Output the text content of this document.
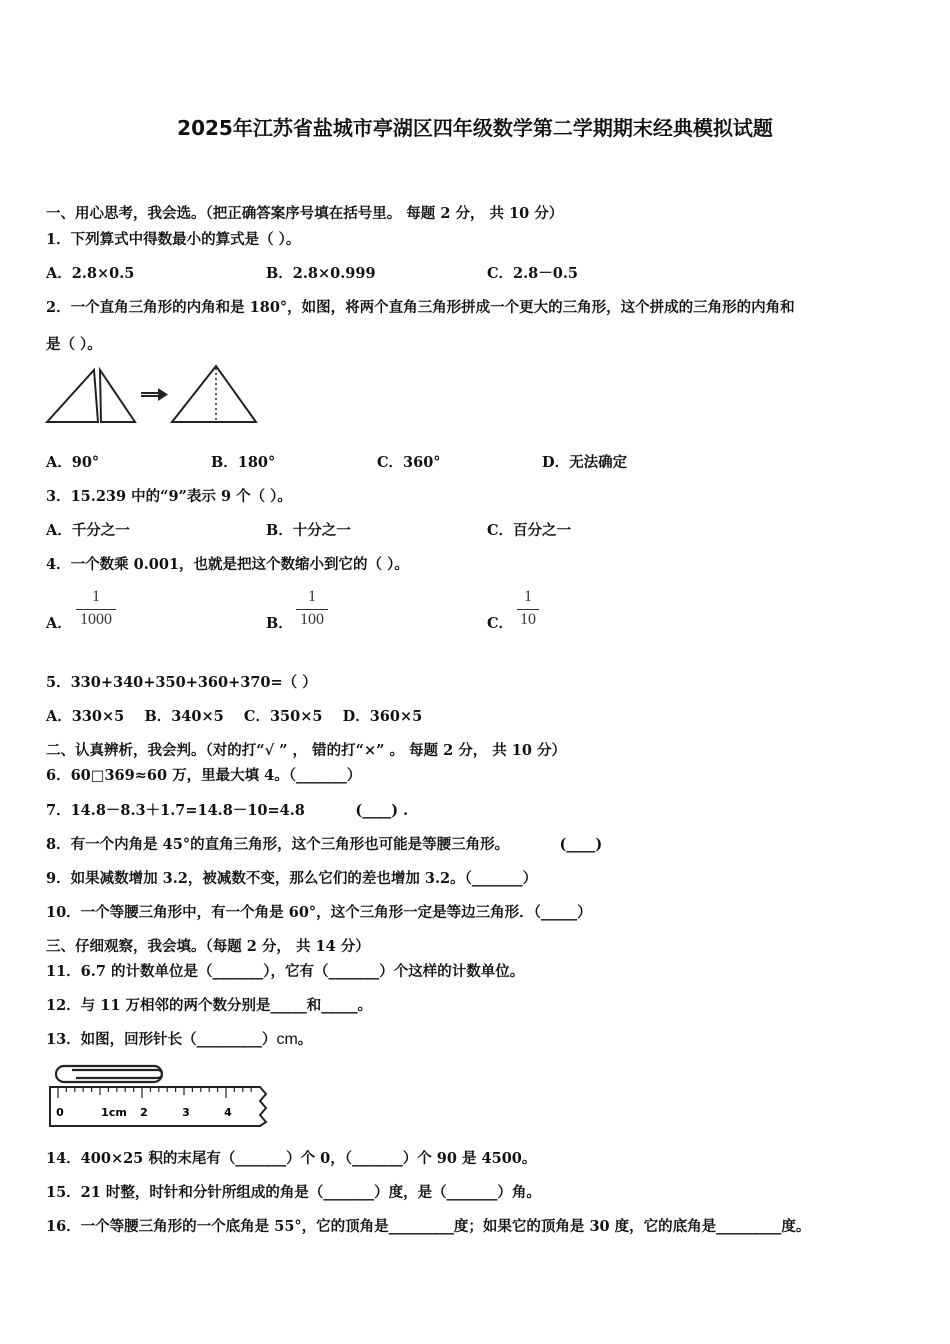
2025年江苏省盐城市亭湖区四年级数学第二学期期末经典模拟试题
一、用心思考，我会选。（把正确答案序号填在括号里。 每题 2 分， 共 10 分）
1．下列算式中得数最小的算式是（ ）。
A．2.8×0.5	B．2.8×0.999	C．2.8－0.5
2．一个直角三角形的内角和是 180°，如图，将两个直角三角形拼成一个更大的三角形，这个拼成的三角形的内角和
是（ ）。
A．90°	B．180°	C．360°	D．无法确定
3．15.239 中的“9”表示 9 个（ ）。
A．千分之一	B．十分之一	C．百分之一
4．一个数乘 0.001，也就是把这个数缩小到它的（ ）。
A．
1
1000	B．
1
100	C．
1
10
5．330+340+350+360+370=（ ）
A．330×5    B．340×5    C．350×5    D．360×5
二、认真辨析，我会判。（对的打“√ ” ， 错的打“×” 。 每题 2 分， 共 10 分）
6．60□369≈60 万，里最大填 4。（_______）
7．14.8－8.3＋1.7=14.8－10=4.8          (____) .
8．有一个内角是 45°的直角三角形，这个三角形也可能是等腰三角形。          (____)
9．如果减数增加 3.2，被减数不变，那么它们的差也增加 3.2。（_______）
10．一个等腰三角形中，有一个角是 60°，这个三角形一定是等边三角形．（_____）
三、仔细观察，我会填。（每题 2 分， 共 14 分）
11．6.7 的计数单位是（_______），它有（_______）个这样的计数单位。
12．与 11 万相邻的两个数分别是_____和_____。
13．如图，回形针长（_________）cm。
0	1cm 2	3	4
14．400×25 积的末尾有（_______）个 0，（_______）个 90 是 4500。
15．21 时整，时针和分针所组成的角是（_______）度，是（_______）角。
16．一个等腰三角形的一个底角是 55°，它的顶角是_________度；如果它的顶角是 30 度，它的底角是_________度。
